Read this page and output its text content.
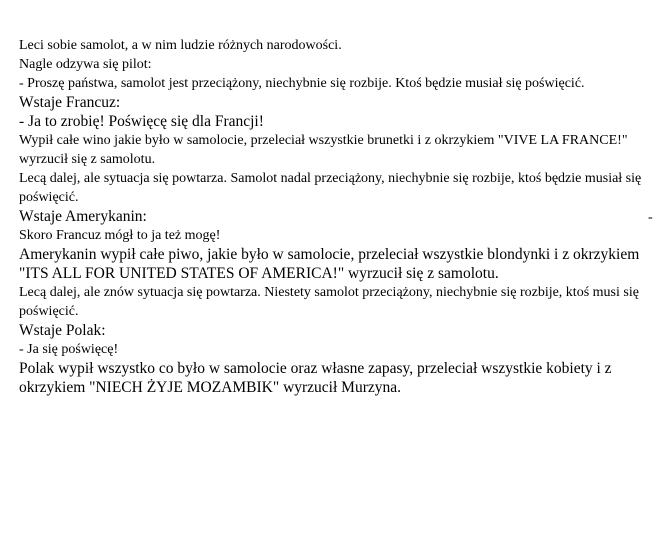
Leci sobie samolot, a w nim ludzie różnych narodowości.
Nagle odzywa się pilot:
- Proszę państwa, samolot jest przeciążony, niechybnie się rozbije. Ktoś będzie musiał się poświęcić.
Wstaje Francuz:
- Ja to zrobię! Poświęcę się dla Francji!
Wypił całe wino jakie było w samolocie, przeleciał wszystkie brunetki i z okrzykiem "VIVE LA FRANCE!" wyrzucił się z samolotu.
Lecą dalej, ale sytuacja się powtarza. Samolot nadal przeciążony, niechybnie się rozbije, ktoś będzie musiał się poświęcić.
Wstaje Amerykanin:
Skoro Francuz mógł to ja też mogę!
Amerykanin wypił całe piwo, jakie było w samolocie, przeleciał wszystkie blondynki i z okrzykiem "ITS ALL FOR UNITED STATES OF AMERICA!" wyrzucił się z samolotu.
Lecą dalej, ale znów sytuacja się powtarza. Niestety samolot przeciążony, niechybnie się rozbije, ktoś musi się poświęcić.
Wstaje Polak:
- Ja się poświęcę!
Polak wypił wszystko co było w samolocie oraz własne zapasy, przeleciał wszystkie kobiety i z okrzykiem "NIECH ŻYJE MOZAMBIK" wyrzucił Murzyna.
-
